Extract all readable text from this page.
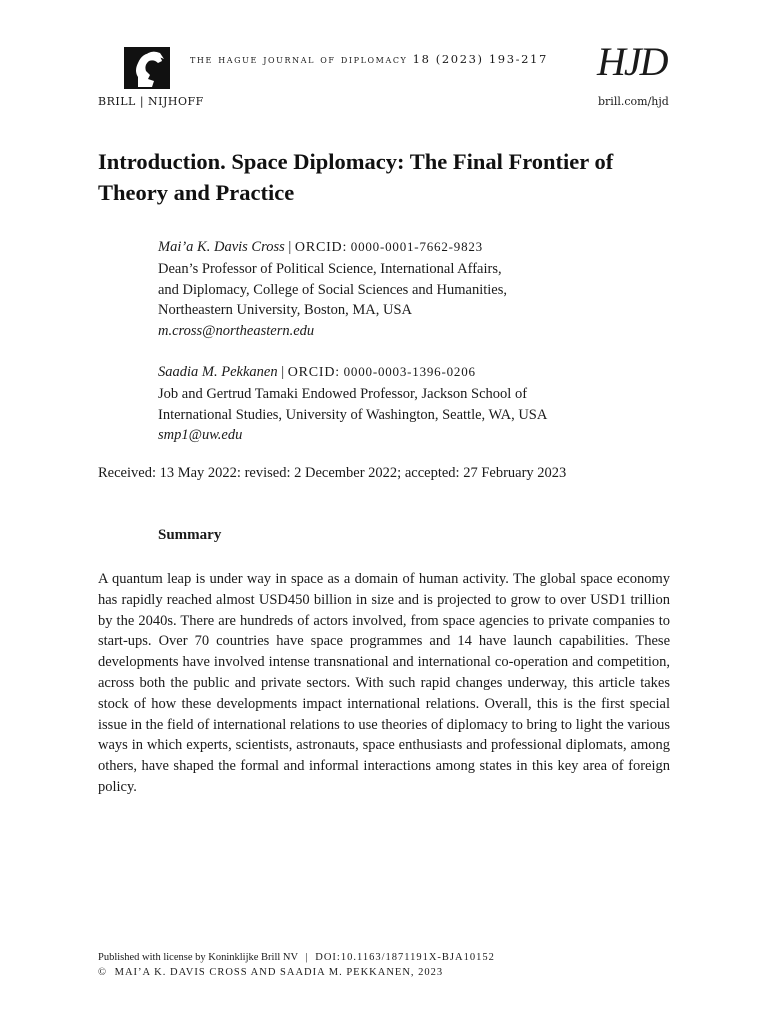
BRILL | NIJHOFF
the hague journal of diplomacy 18 (2023) 193-217 HJD
brill.com/hjd
Introduction. Space Diplomacy: The Final Frontier of Theory and Practice
Mai’a K. Davis Cross | ORCID: 0000-0001-7662-9823
Dean’s Professor of Political Science, International Affairs,
and Diplomacy, College of Social Sciences and Humanities,
Northeastern University, Boston, MA, USA
m.cross@northeastern.edu
Saadia M. Pekkanen | ORCID: 0000-0003-1396-0206
Job and Gertrud Tamaki Endowed Professor, Jackson School of
International Studies, University of Washington, Seattle, WA, USA
smp1@uw.edu
Received: 13 May 2022: revised: 2 December 2022; accepted: 27 February 2023
Summary

A quantum leap is under way in space as a domain of human activity. The global space economy has rapidly reached almost USD450 billion in size and is projected to grow to over USD1 trillion by the 2040s. There are hundreds of actors involved, from space agencies to private companies to start-ups. Over 70 countries have space programmes and 14 have launch capabilities. These developments have involved intense transnational and international co-operation and competition, across both the public and private sectors. With such rapid changes underway, this article takes stock of how these developments impact international relations. Overall, this is the first special issue in the field of international relations to use theories of diplomacy to bring to light the various ways in which experts, scientists, astronauts, space enthusiasts and professional diplomats, among others, have shaped the formal and informal interactions among states in this key area of foreign policy.

Published with license by Koninklijke Brill NV | DOI:10.1163/1871191X-BJA10152
© MAI’A K. DAVIS CROSS AND SAADIA M. PEKKANEN, 2023
